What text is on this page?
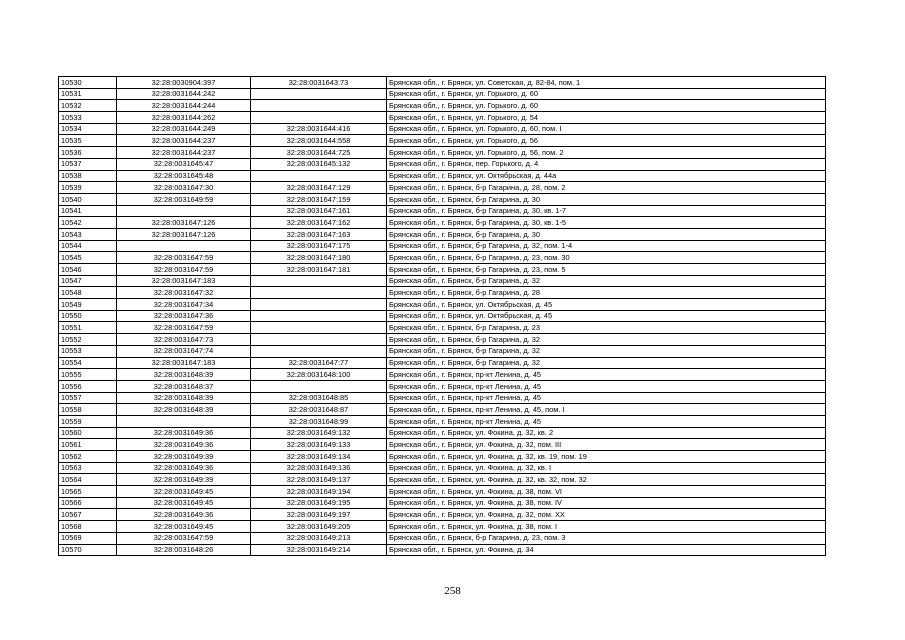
10530	32:28:0030904:397	32:28:0031643:73	Брянская обл., г. Брянск, ул. Советская, д. 82-84, пом. 1
10531	32:28:0031644:242		Брянская обл., г. Брянск, ул. Горького, д. 60
10532	32:28:0031644:244		Брянская обл., г. Брянск, ул. Горького, д. 60
10533	32:28:0031644:262		Брянская обл., г. Брянск, ул. Горького, д. 54
10534	32:28:0031644:249	32:28:0031644:416	Брянская обл., г. Брянск, ул. Горького, д. 60, пом. I
10535	32:28:0031644:237	32:28:0031644:558	Брянская обл., г. Брянск, ул. Горького, д. 56
10536	32:28:0031644:237	32:28:0031644:725	Брянская обл., г. Брянск, ул. Горького, д. 56, пом. 2
10537	32:28:0031645:47	32:28:0031645:132	Брянская обл., г. Брянск, пер. Горького, д. 4
10538	32:28:0031645:48		Брянская обл., г. Брянск, ул. Октябрьская, д. 44а
10539	32:28:0031647:30	32:28:0031647:129	Брянская обл., г. Брянск, б-р Гагарина, д. 28, пом. 2
10540	32:28:0031649:59	32:28:0031647:159	Брянская обл., г. Брянск, б-р Гагарина, д. 30
10541		32:28:0031647:161	Брянская обл., г. Брянск, б-р Гагарина, д. 30, кв. 1-7
10542	32:28:0031647:126	32:28:0031647:162	Брянская обл., г. Брянск, б-р Гагарина, д. 30, кв. 1-5
10543	32:28:0031647:126	32:28:0031647:163	Брянская обл., г. Брянск, б-р Гагарина, д. 30
10544		32:28:0031647:175	Брянская обл., г. Брянск, б-р Гагарина, д. 32, пом. 1-4
10545	32:28:0031647:59	32:28:0031647:180	Брянская обл., г. Брянск, б-р Гагарина, д. 23, пом. 30
10546	32:28:0031647:59	32:28:0031647:181	Брянская обл., г. Брянск, б-р Гагарина, д. 23, пом. 5
10547	32:28:0031647:183		Брянская обл., г. Брянск, б-р Гагарина, д. 32
10548	32:28:0031647:32		Брянская обл., г. Брянск, б-р Гагарина, д. 28
10549	32:28:0031647:34		Брянская обл., г. Брянск, ул. Октябрьская, д. 45
10550	32:28:0031647:36		Брянская обл., г. Брянск, ул. Октябрьская, д. 45
10551	32:28:0031647:59		Брянская обл., г. Брянск, б-р Гагарина, д. 23
10552	32:28:0031647:73		Брянская обл., г. Брянск, б-р Гагарина, д. 32
10553	32:28:0031647:74		Брянская обл., г. Брянск, б-р Гагарина, д. 32
10554	32:28:0031647:183	32:28:0031647:77	Брянская обл., г. Брянск, б-р Гагарина, д. 32
10555	32:28:0031648:39	32:28:0031648:100	Брянская обл., г. Брянск, пр-кт Ленина, д. 45
10556	32:28:0031648:37		Брянская обл., г. Брянск, пр-кт Ленина, д. 45
10557	32:28:0031648:39	32:28:0031648:85	Брянская обл., г. Брянск, пр-кт Ленина, д. 45
10558	32:28:0031648:39	32:28:0031648:87	Брянская обл., г. Брянск, пр-кт Ленина, д. 45, пом. I
10559		32:28:0031648:99	Брянская обл., г. Брянск, пр-кт Ленина, д. 45
10560	32:28:0031649:36	32:28:0031649:132	Брянская обл., г. Брянск, ул. Фокина, д. 32, кв. 2
10561	32:28:0031649:36	32:28:0031649:133	Брянская обл., г. Брянск, ул. Фокина, д. 32, пом. III
10562	32:28:0031649:39	32:28:0031649:134	Брянская обл., г. Брянск, ул. Фокина, д. 32, кв. 19, пом. 19
10563	32:28:0031649:36	32:28:0031649:136	Брянская обл., г. Брянск, ул. Фокина, д. 32, кв. I
10564	32:28:0031649:39	32:28:0031649:137	Брянская обл., г. Брянск, ул. Фокина, д. 32, кв. 32, пом. 32
10565	32:28:0031649:45	32:28:0031649:194	Брянская обл., г. Брянск, ул. Фокина, д. 38, пом. VI
10566	32:28:0031649:45	32:28:0031649:195	Брянская обл., г. Брянск, ул. Фокина, д. 38, пом. IV
10567	32:28:0031649:36	32:28:0031649:197	Брянская обл., г. Брянск, ул. Фокина, д. 32, пом. XX
10568	32:28:0031649:45	32:28:0031649:205	Брянская обл., г. Брянск, ул. Фокина, д. 38, пом. I
10569	32:28:0031647:59	32:28:0031649:213	Брянская обл., г. Брянск, б-р Гагарина, д. 23, пом. 3
10570	32:28:0031648:26	32:28:0031649:214	Брянская обл., г. Брянск, ул. Фокина, д. 34
258
